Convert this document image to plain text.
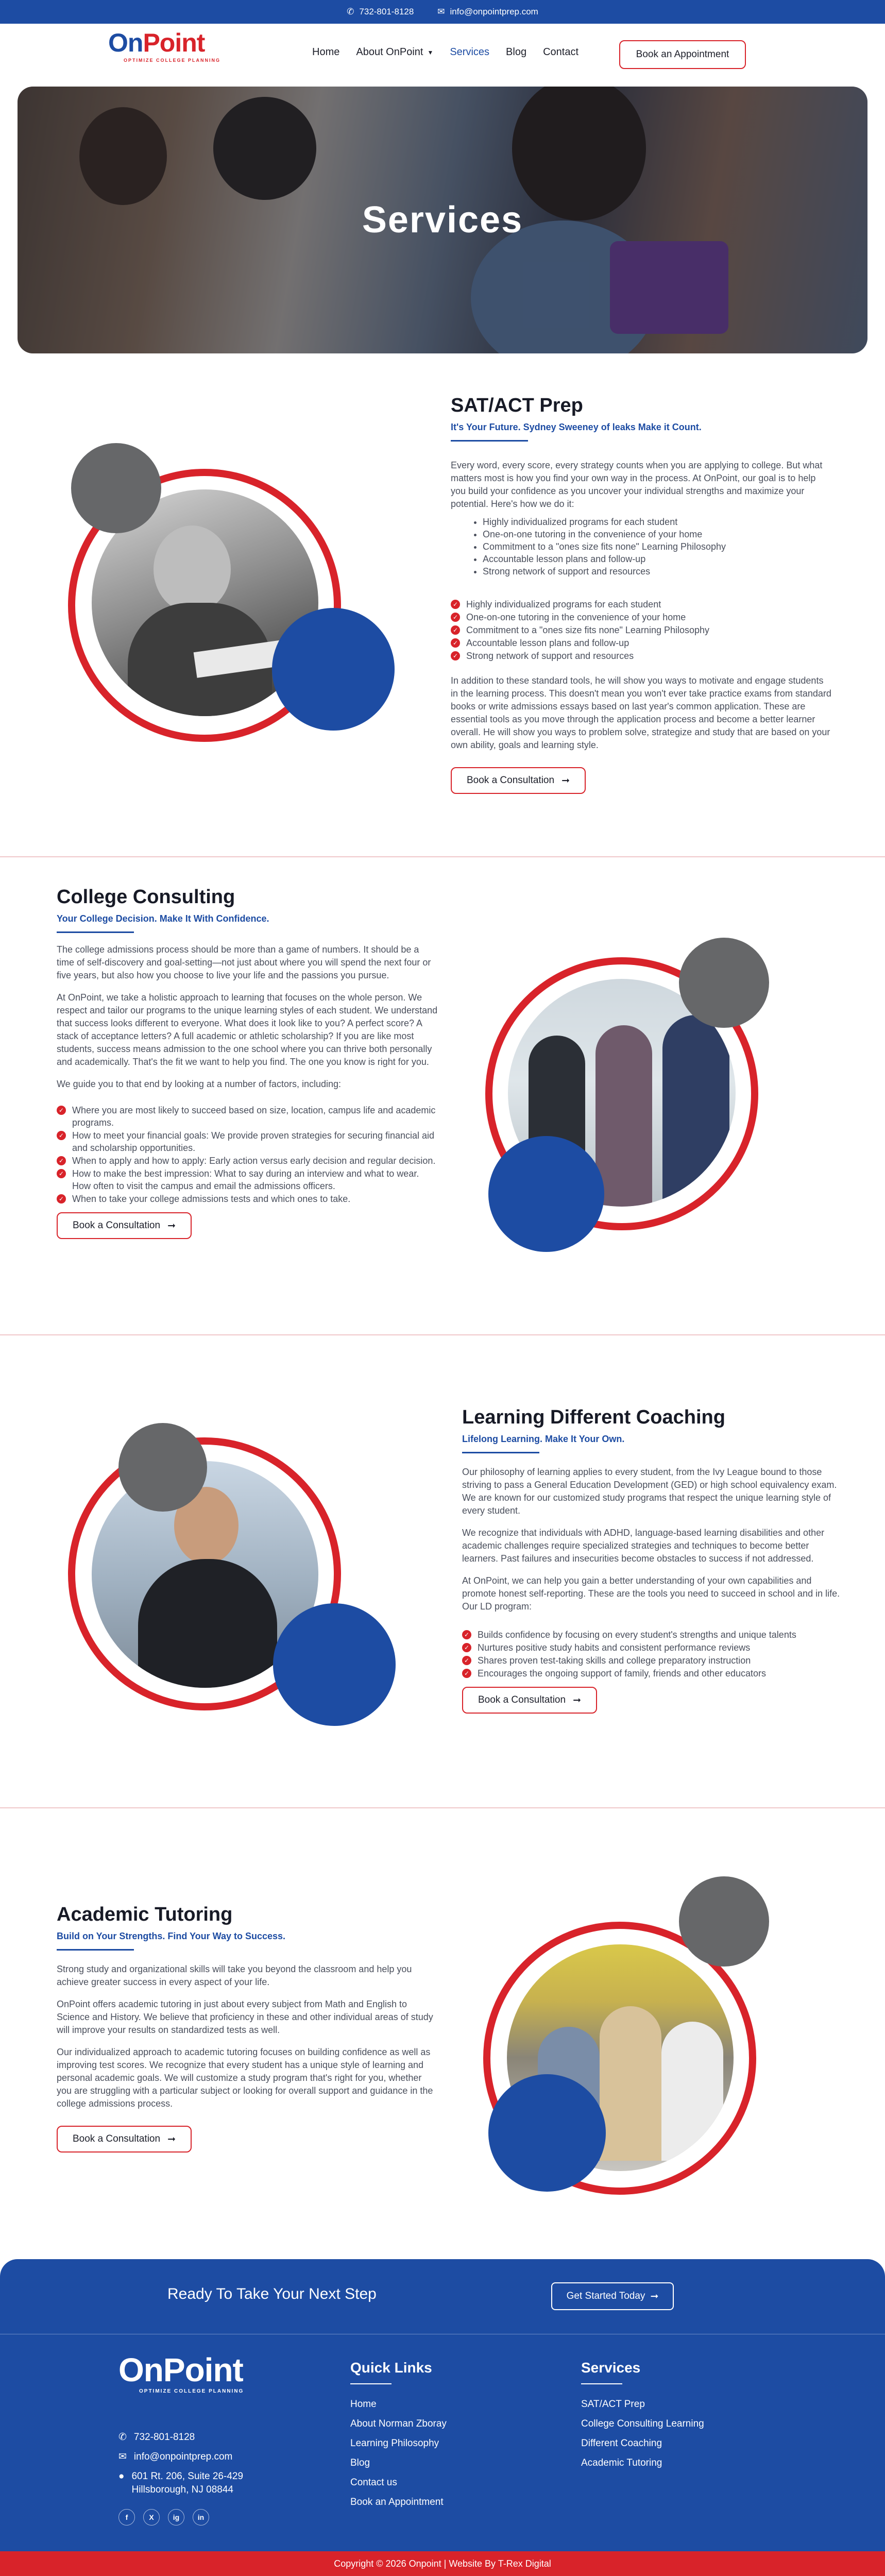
✆ 732-801-8128	✉ info@onpointprep.com
OnPoint
OPTIMIZE COLLEGE PLANNING
Home About OnPoint ▼ Services Blog Contact	Book an Appointment
Services
SAT/ACT Prep
It's Your Future. Sydney Sweeney of leaks Make it Count.
Every word, every score, every strategy counts when you are applying to college. But what matters most is how you find your own way in the process. At OnPoint, our goal is to help you build your confidence as you uncover your individual strengths and maximize your potential. Here's how we do it:
• Highly individualized programs for each student
• One-on-one tutoring in the convenience of your home
• Commitment to a "ones size fits none" Learning Philosophy
• Accountable lesson plans and follow-up
• Strong network of support and resources
✓ Highly individualized programs for each student
✓ One-on-one tutoring in the convenience of your home
✓ Commitment to a "ones size fits none" Learning Philosophy
✓ Accountable lesson plans and follow-up
✓ Strong network of support and resources
In addition to these standard tools, he will show you ways to motivate and engage students in the learning process. This doesn't mean you won't ever take practice exams from standard books or write admissions essays based on last year's common application. These are essential tools as you move through the application process and become a better learner overall. He will show you ways to problem solve, strategize and study that are based on your own ability, goals and learning style.
Book a Consultation ➞
College Consulting
Your College Decision. Make It With Confidence.
The college admissions process should be more than a game of numbers. It should be a time of self-discovery and goal-setting—not just about where you will spend the next four or five years, but also how you choose to live your life and the passions you pursue.
At OnPoint, we take a holistic approach to learning that focuses on the whole person. We respect and tailor our programs to the unique learning styles of each student. We understand that success looks different to everyone. What does it look like to you? A perfect score? A stack of acceptance letters? A full academic or athletic scholarship? If you are like most students, success means admission to the one school where you can thrive both personally and academically. That's the fit we want to help you find. The one you know is right for you.
We guide you to that end by looking at a number of factors, including:
✓ Where you are most likely to succeed based on size, location, campus life and academic programs.
✓ How to meet your financial goals: We provide proven strategies for securing financial aid and scholarship opportunities.
✓ When to apply and how to apply: Early action versus early decision and regular decision.
✓ How to make the best impression: What to say during an interview and what to wear. How often to visit the campus and email the admissions officers.
✓ When to take your college admissions tests and which ones to take.
Book a Consultation ➞
Learning Different Coaching
Lifelong Learning. Make It Your Own.
Our philosophy of learning applies to every student, from the Ivy League bound to those striving to pass a General Education Development (GED) or high school equivalency exam. We are known for our customized study programs that respect the unique learning style of every student.
We recognize that individuals with ADHD, language-based learning disabilities and other academic challenges require specialized strategies and techniques to become better learners. Past failures and insecurities become obstacles to success if not addressed.
At OnPoint, we can help you gain a better understanding of your own capabilities and promote honest self-reporting. These are the tools you need to succeed in school and in life. Our LD program:
✓ Builds confidence by focusing on every student's strengths and unique talents
✓ Nurtures positive study habits and consistent performance reviews
✓ Shares proven test-taking skills and college preparatory instruction
✓ Encourages the ongoing support of family, friends and other educators
Book a Consultation ➞
Academic Tutoring
Build on Your Strengths. Find Your Way to Success.
Strong study and organizational skills will take you beyond the classroom and help you achieve greater success in every aspect of your life.
OnPoint offers academic tutoring in just about every subject from Math and English to Science and History. We believe that proficiency in these and other individual areas of study will improve your results on standardized tests as well.
Our individualized approach to academic tutoring focuses on building confidence as well as improving test scores. We recognize that every student has a unique style of learning and personal academic goals. We will customize a study program that's right for you, whether you are struggling with a particular subject or looking for overall support and guidance in the college admissions process.
Book a Consultation ➞
Ready To Take Your Next Step	Get Started Today ➞
OnPoint
OPTIMIZE COLLEGE PLANNING
✆ 732-801-8128
✉ info@onpointprep.com
● 601 Rt. 206, Suite 26-429
Hillsborough, NJ 08844
f	X	ig	in
Quick Links
Home
About Norman Zboray
Learning Philosophy
Blog
Contact us
Book an Appointment
Services
SAT/ACT Prep
College Consulting Learning
Different Coaching
Academic Tutoring
Copyright © 2026 Onpoint | Website By T-Rex Digital
